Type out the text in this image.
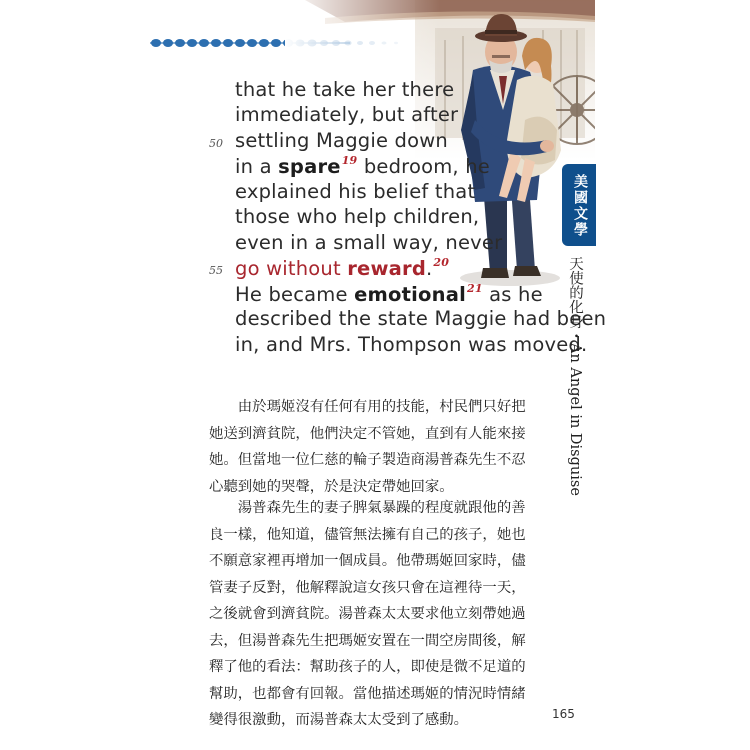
that he take her there
immediately, but after
settling Maggie down
in a spare$^{19}$ bedroom, he
explained his belief that
those who help children,
even in a small way, never
go without reward.$^{20}$
He became emotional$^{21}$ as he
described the state Maggie had been
in, and Mrs. Thompson was moved.
50
55
美國文學
天使的化身・An Angel in Disguise
　　由於瑪姬沒有任何有用的技能，村民們只好把
她送到濟貧院，他們決定不管她，直到有人能來接
她。但當地一位仁慈的輪子製造商湯普森先生不忍
心聽到她的哭聲，於是決定帶她回家。
　　湯普森先生的妻子脾氣暴躁的程度就跟他的善
良一樣，他知道，儘管無法擁有自己的孩子，她也
不願意家裡再增加一個成員。他帶瑪姬回家時，儘
管妻子反對，他解釋說這女孩只會在這裡待一天，
之後就會到濟貧院。湯普森太太要求他立刻帶她過
去，但湯普森先生把瑪姬安置在一間空房間後，解
釋了他的看法：幫助孩子的人，即使是微不足道的
幫助，也都會有回報。當他描述瑪姬的情況時情緒
變得很激動，而湯普森太太受到了感動。	165
